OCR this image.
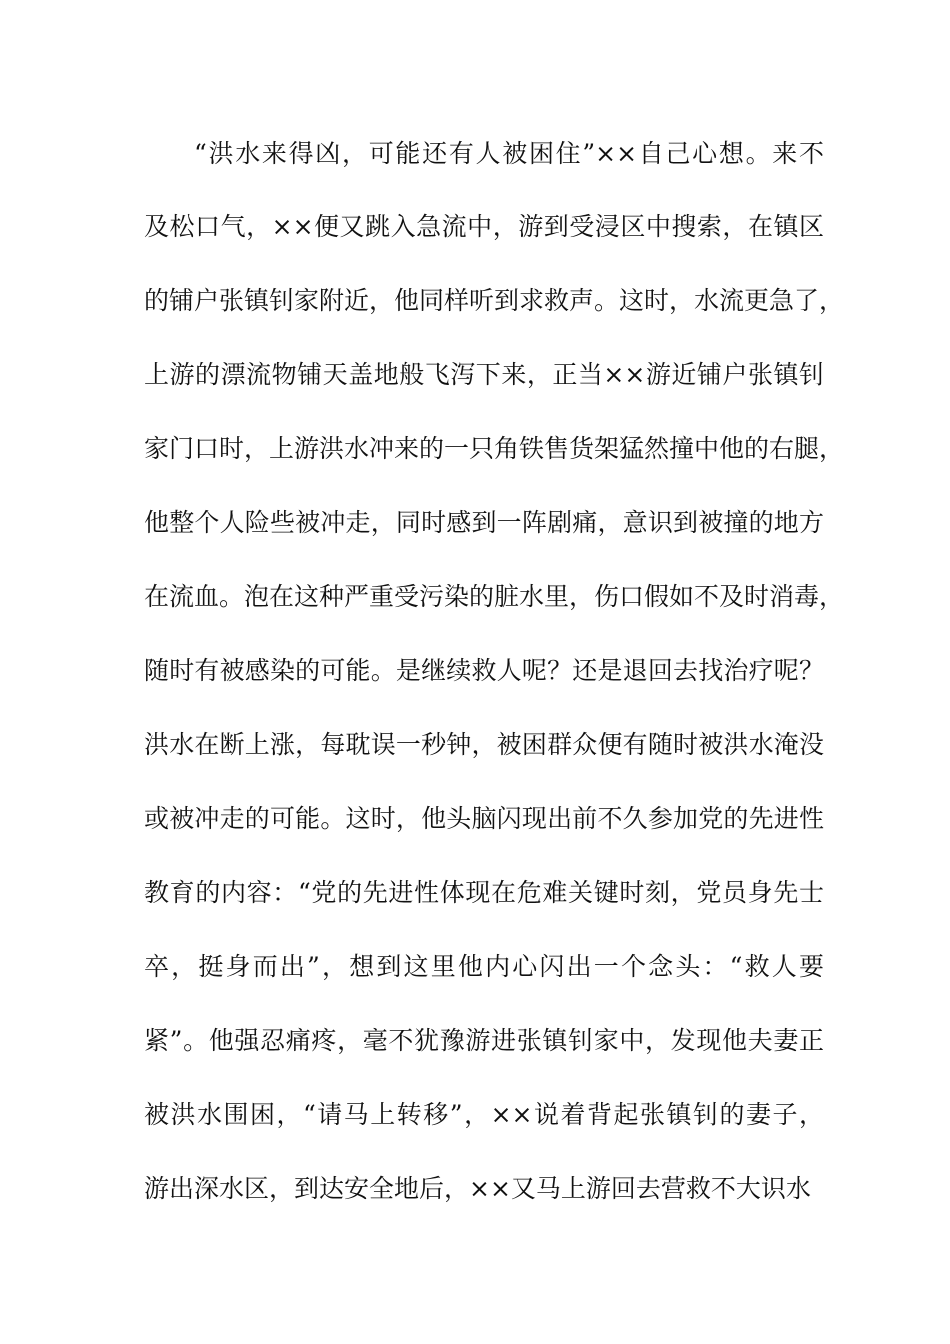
“洪水来得凶，可能还有人被困住”××自己心想。来不
及松口气，××便又跳入急流中，游到受浸区中搜索，在镇区
的铺户张镇钊家附近，他同样听到求救声。这时，水流更急了，
上游的漂流物铺天盖地般飞泻下来，正当××游近铺户张镇钊
家门口时，上游洪水冲来的一只角铁售货架猛然撞中他的右腿，
他整个人险些被冲走，同时感到一阵剧痛，意识到被撞的地方
在流血。泡在这种严重受污染的脏水里，伤口假如不及时消毒，
随时有被感染的可能。是继续救人呢？还是退回去找治疗呢？
洪水在断上涨，每耽误一秒钟，被困群众便有随时被洪水淹没
或被冲走的可能。这时，他头脑闪现出前不久参加党的先进性
教育的内容：“党的先进性体现在危难关键时刻，党员身先士
卒，挺身而出”，想到这里他内心闪出一个念头：“救人要
紧”。他强忍痛疼，毫不犹豫游进张镇钊家中，发现他夫妻正
被洪水围困，“请马上转移”，××说着背起张镇钊的妻子，
游出深水区，到达安全地后，××又马上游回去营救不大识水
